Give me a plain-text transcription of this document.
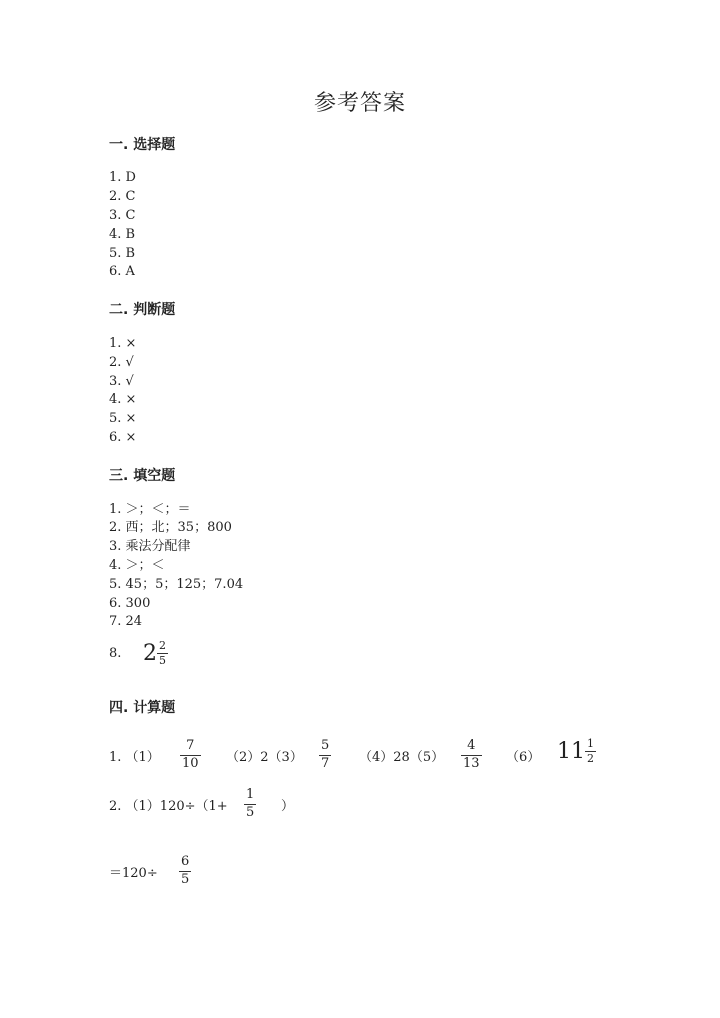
参考答案
一. 选择题
1. D
2. C
3. C
4. B
5. B
6. A
二. 判断题
1. ×
2. √
3. √
4. ×
5. ×
6. ×
三. 填空题
1. ＞；＜；＝
2. 西；北；35；800
3. 乘法分配律
4. ＞；＜
5. 45；5；125；7.04
6. 300
7. 24
8. $2 \frac{2}{5}$
四. 计算题
1. （1）
7
10 （2）2（3）
5
7 （4）28（5）
4
13 （6） $11 \frac{1}{2}$
2. （1）120÷（1+
1
5 ）
＝120÷
6
5
